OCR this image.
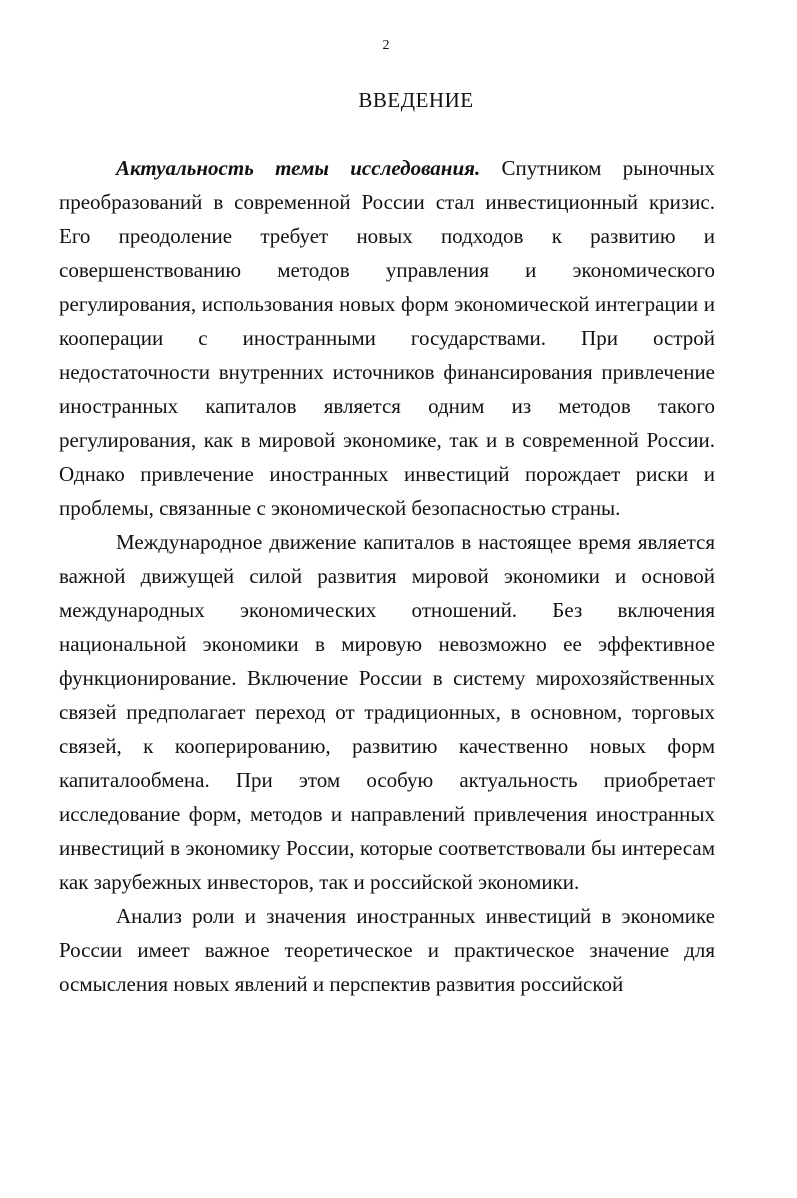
2
ВВЕДЕНИЕ

Актуальность темы исследования. Спутником рыночных преобразований в современной России стал инвестиционный кризис. Его преодоление требует новых подходов к развитию и совершенствованию методов управления и экономического регулирования, использования новых форм экономической интеграции и кооперации с иностранными государствами. При острой недостаточности внутренних источников финансирования привлечение иностранных капиталов является одним из методов такого регулирования, как в мировой экономике, так и в современной России. Однако привлечение иностранных инвестиций порождает риски и проблемы, связанные с экономической безопасностью страны.

Международное движение капиталов в настоящее время является важной движущей силой развития мировой экономики и основой международных экономических отношений. Без включения национальной экономики в мировую невозможно ее эффективное функционирование. Включение России в систему мирохозяйственных связей предполагает переход от традиционных, в основном, торговых связей, к кооперированию, развитию качественно новых форм капиталообмена. При этом особую актуальность приобретает исследование форм, методов и направлений привлечения иностранных инвестиций в экономику России, которые соответствовали бы интересам как зарубежных инвесторов, так и российской экономики.

Анализ роли и значения иностранных инвестиций в экономике России имеет важное теоретическое и практическое значение для осмысления новых явлений и перспектив развития российской
